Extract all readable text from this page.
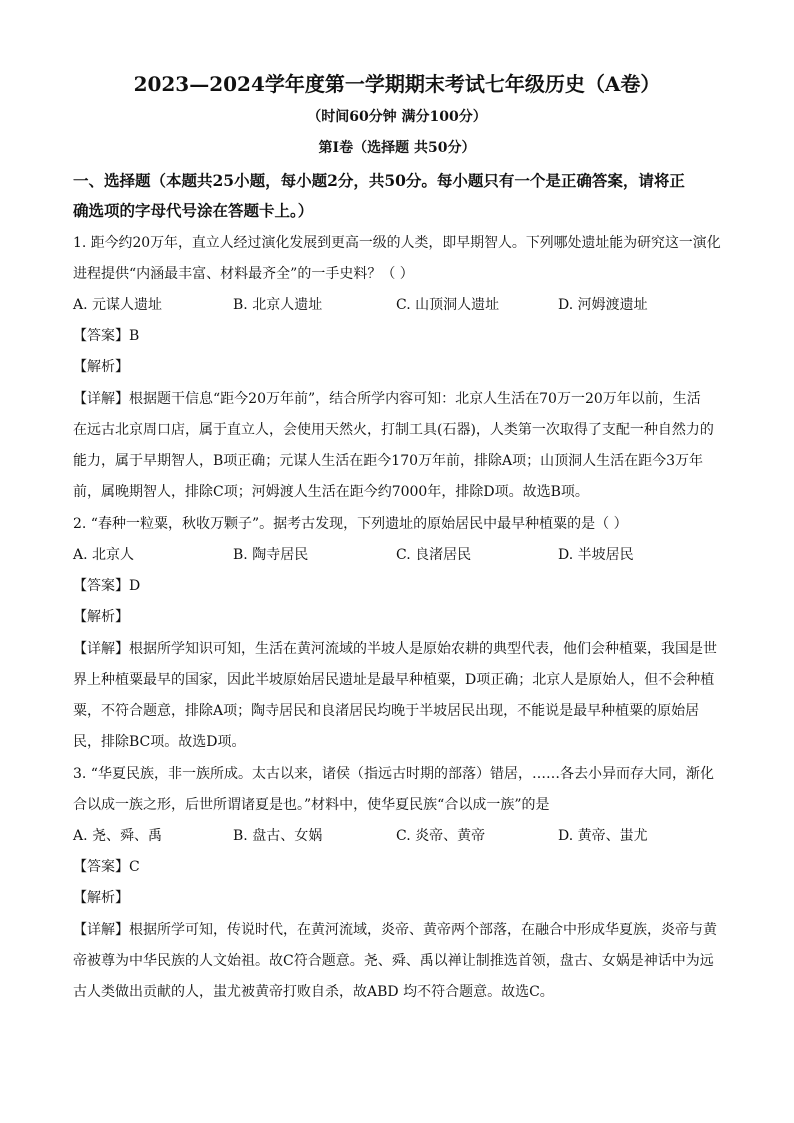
2023—2024学年度第一学期期末考试七年级历史（A卷）
（时间60分钟 满分100分）
第Ⅰ卷（选择题 共50分）
一、选择题（本题共25小题，每小题2分，共50分。每小题只有一个是正确答案，请将正
确选项的字母代号涂在答题卡上。）
1. 距今约20万年，直立人经过演化发展到更高一级的人类，即早期智人。下列哪处遗址能为研究这一演化
进程提供“内涵最丰富、材料最齐全”的一手史料？（ ）
A. 元谋人遗址	B. 北京人遗址	C. 山顶洞人遗址	D. 河姆渡遗址
【答案】B
【解析】
【详解】根据题干信息“距今20万年前”，结合所学内容可知：北京人生活在70万一20万年以前，生活
在远古北京周口店，属于直立人，会使用天然火，打制工具(石器)，人类第一次取得了支配一种自然力的
能力，属于早期智人，B项正确；元谋人生活在距今170万年前，排除A项；山顶洞人生活在距今3万年
前，属晚期智人，排除C项；河姆渡人生活在距今约7000年，排除D项。故选B项。
2. “春种一粒粟，秋收万颗子”。据考古发现，下列遗址的原始居民中最早种植粟的是（ ）
A. 北京人	B. 陶寺居民	C. 良渚居民	D. 半坡居民
【答案】D
【解析】
【详解】根据所学知识可知，生活在黄河流域的半坡人是原始农耕的典型代表，他们会种植粟，我国是世
界上种植粟最早的国家，因此半坡原始居民遗址是最早种植粟，D项正确；北京人是原始人，但不会种植
粟，不符合题意，排除A项；陶寺居民和良渚居民均晚于半坡居民出现，不能说是最早种植粟的原始居
民，排除BC项。故选D项。
3. “华夏民族，非一族所成。太古以来，诸侯（指远古时期的部落）错居，……各去小异而存大同，渐化
合以成一族之形，后世所谓诸夏是也。”材料中，使华夏民族“合以成一族”的是
A. 尧、舜、禹	B. 盘古、女娲	C. 炎帝、黄帝	D. 黄帝、蚩尤
【答案】C
【解析】
【详解】根据所学可知，传说时代，在黄河流域，炎帝、黄帝两个部落，在融合中形成华夏族，炎帝与黄
帝被尊为中华民族的人文始祖。故C符合题意。尧、舜、禹以禅让制推选首领，盘古、女娲是神话中为远
古人类做出贡献的人，蚩尤被黄帝打败自杀，故ABD 均不符合题意。故选C。
